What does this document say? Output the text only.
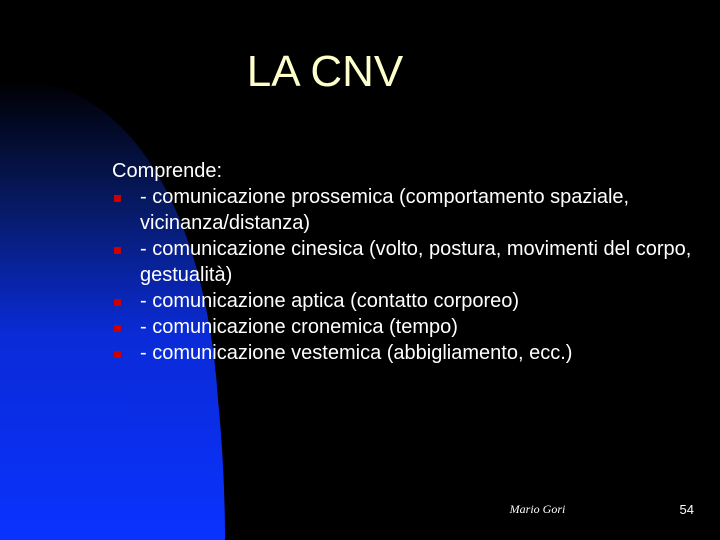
LA CNV

Comprende:

- comunicazione prossemica (comportamento spaziale, vicinanza/distanza)
- comunicazione cinesica (volto, postura, movimenti del corpo, gestualità)
- comunicazione aptica (contatto corporeo)
- comunicazione cronemica (tempo)
- comunicazione vestemica (abbigliamento, ecc.)
Mario Gori	54
